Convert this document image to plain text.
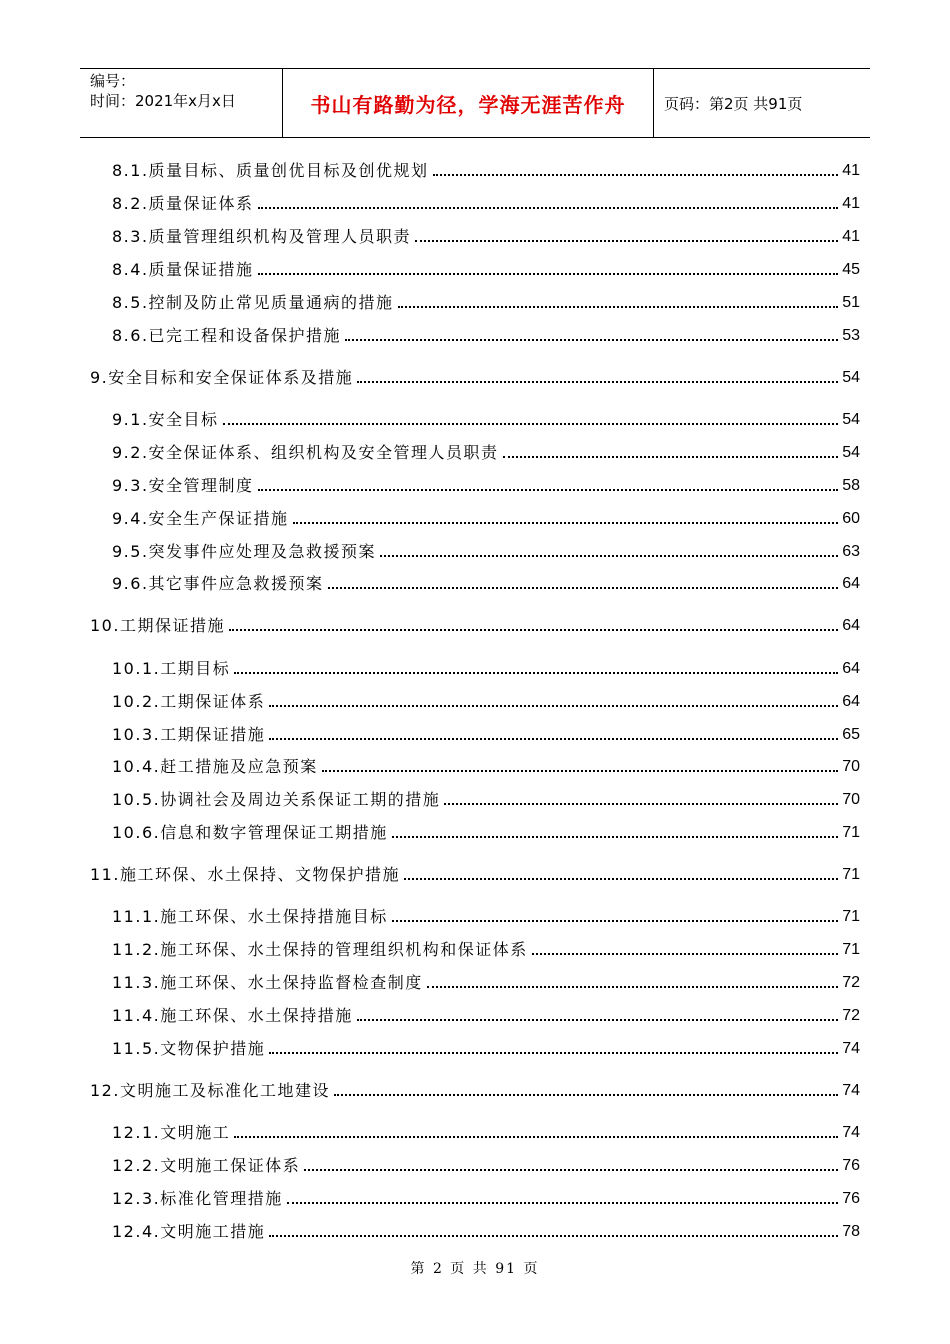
编号：
时间：2021年x月x日	书山有路勤为径，学海无涯苦作舟	页码：第2页 共91页
8.1.质量目标、质量创优目标及创优规划	41
8.2.质量保证体系	41
8.3.质量管理组织机构及管理人员职责	41
8.4.质量保证措施	45
8.5.控制及防止常见质量通病的措施	51
8.6.已完工程和设备保护措施	53
9.安全目标和安全保证体系及措施	54
9.1.安全目标	54
9.2.安全保证体系、组织机构及安全管理人员职责	54
9.3.安全管理制度	58
9.4.安全生产保证措施	60
9.5.突发事件应处理及急救援预案	63
9.6.其它事件应急救援预案	64
10.工期保证措施	64
10.1.工期目标	64
10.2.工期保证体系	64
10.3.工期保证措施	65
10.4.赶工措施及应急预案	70
10.5.协调社会及周边关系保证工期的措施	70
10.6.信息和数字管理保证工期措施	71
11.施工环保、水土保持、文物保护措施	71
11.1.施工环保、水土保持措施目标	71
11.2.施工环保、水土保持的管理组织机构和保证体系	71
11.3.施工环保、水土保持监督检查制度	72
11.4.施工环保、水土保持措施	72
11.5.文物保护措施	74
12.文明施工及标准化工地建设	74
12.1.文明施工	74
12.2.文明施工保证体系	76
12.3.标准化管理措施	76
12.4.文明施工措施	78
第 2 页 共 91 页
